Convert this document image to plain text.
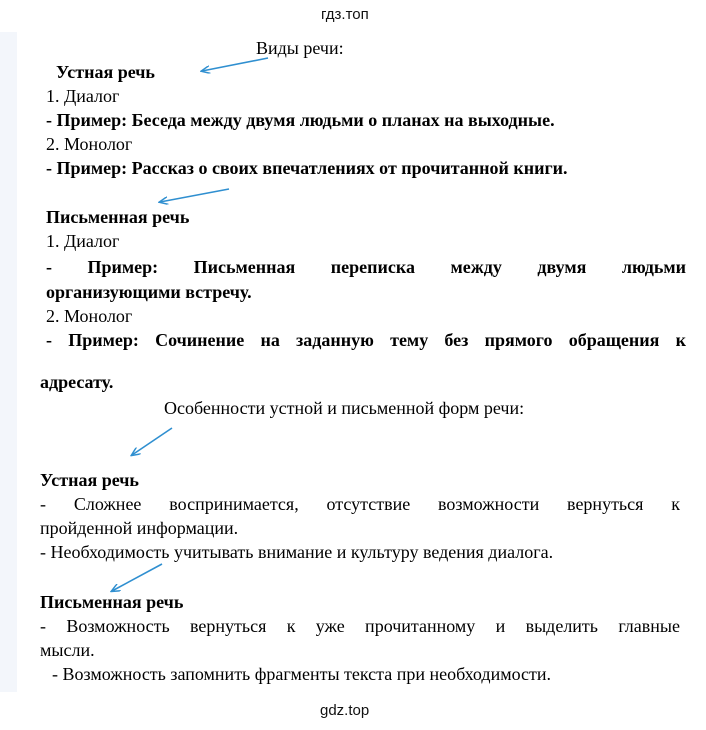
гдз.топ
Виды речи:
Устная речь
1. Диалог
- Пример: Беседа между двумя людьми о планах на выходные.
2. Монолог
- Пример: Рассказ о своих впечатлениях от прочитанной книги.
Письменная речь
1. Диалог
- Пример: Письменная переписка между двумя людьми
организующими встречу.
2. Монолог
- Пример: Сочинение на заданную тему без прямого обращения к
адресату.
Особенности устной и письменной форм речи:
Устная речь
- Сложнее воспринимается, отсутствие возможности вернуться к
пройденной информации.
- Необходимость учитывать внимание и культуру ведения диалога.
Письменная речь
- Возможность вернуться к уже прочитанному и выделить главные
мысли.
- Возможность запомнить фрагменты текста при необходимости.
gdz.top
